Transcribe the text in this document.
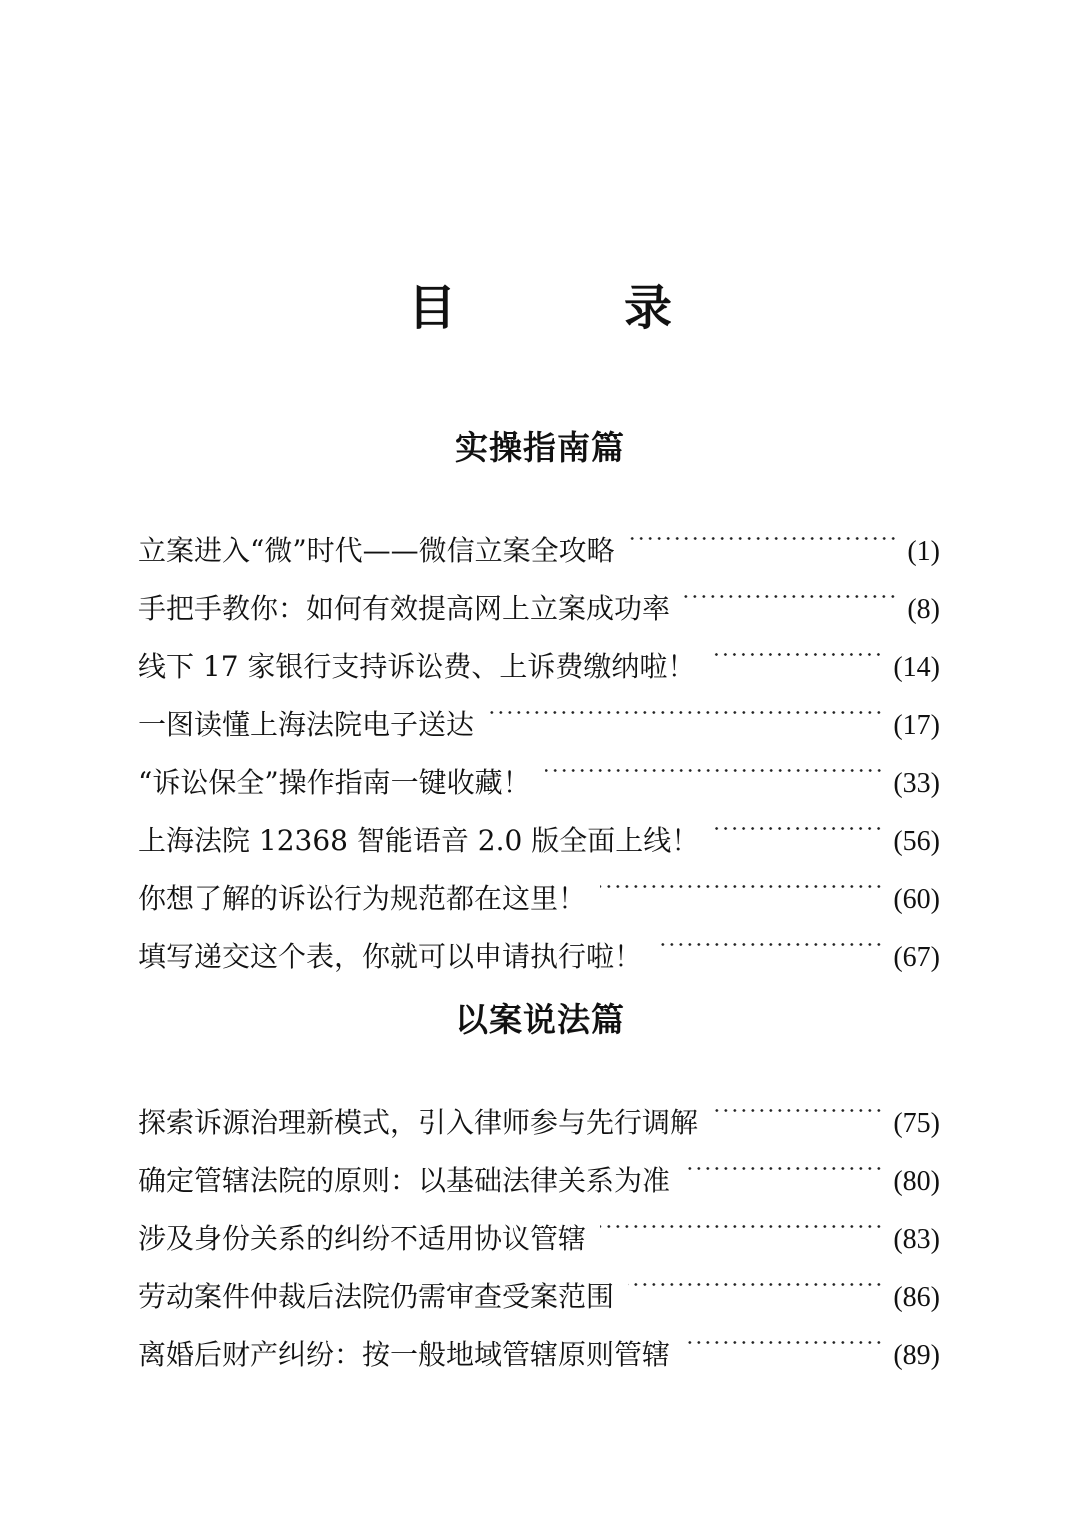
目　录
实操指南篇
立案进入“微”时代——微信立案全攻略	(1)
手把手教你：如何有效提高网上立案成功率	(8)
线下 17 家银行支持诉讼费、上诉费缴纳啦！	(14)
一图读懂上海法院电子送达	(17)
“诉讼保全”操作指南一键收藏！	(33)
上海法院 12368 智能语音 2.0 版全面上线！	(56)
你想了解的诉讼行为规范都在这里！	(60)
填写递交这个表，你就可以申请执行啦！	(67)
以案说法篇
探索诉源治理新模式，引入律师参与先行调解	(75)
确定管辖法院的原则：以基础法律关系为准	(80)
涉及身份关系的纠纷不适用协议管辖	(83)
劳动案件仲裁后法院仍需审查受案范围	(86)
离婚后财产纠纷：按一般地域管辖原则管辖	(89)
